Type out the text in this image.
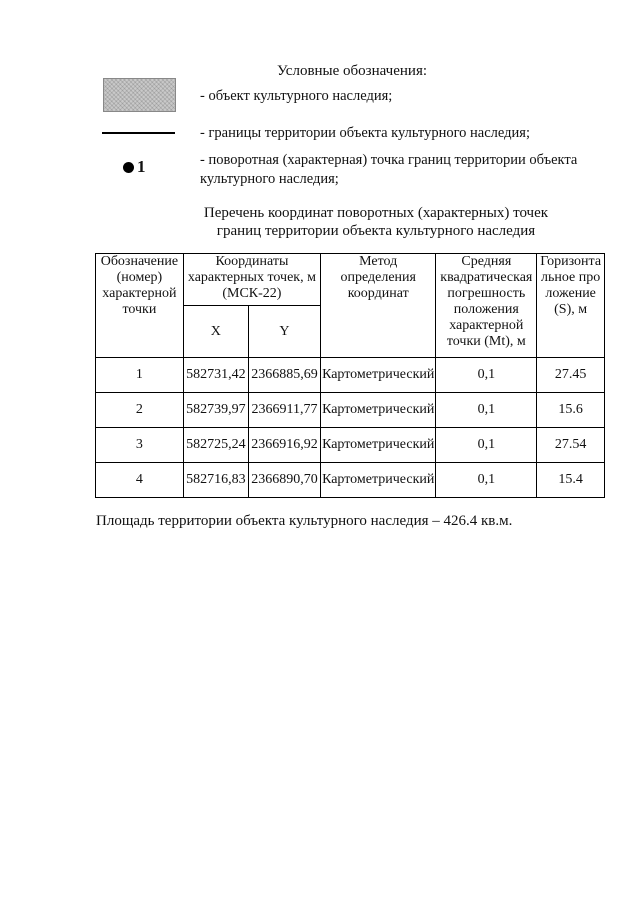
Условные обозначения:
- объект культурного наследия;
- границы территории объекта культурного наследия;
1	- поворотная (характерная) точка границ территории объекта культурного наследия;
Перечень координат поворотных (характерных) точек
границ территории объекта культурного наследия
Обозначение (номер) характерной точки	Координаты характерных точек, м (МСК-22)		Метод определения координат	Средняя квадратическая погрешность положения характерной точки (Mt), м	Горизонтальное проложение (S), м
	X	Y			
1	582731,42	2366885,69	Картометрический	0,1	27.45
2	582739,97	2366911,77	Картометрический	0,1	15.6
3	582725,24	2366916,92	Картометрический	0,1	27.54
4	582716,83	2366890,70	Картометрический	0,1	15.4
Площадь территории объекта культурного наследия – 426.4 кв.м.
